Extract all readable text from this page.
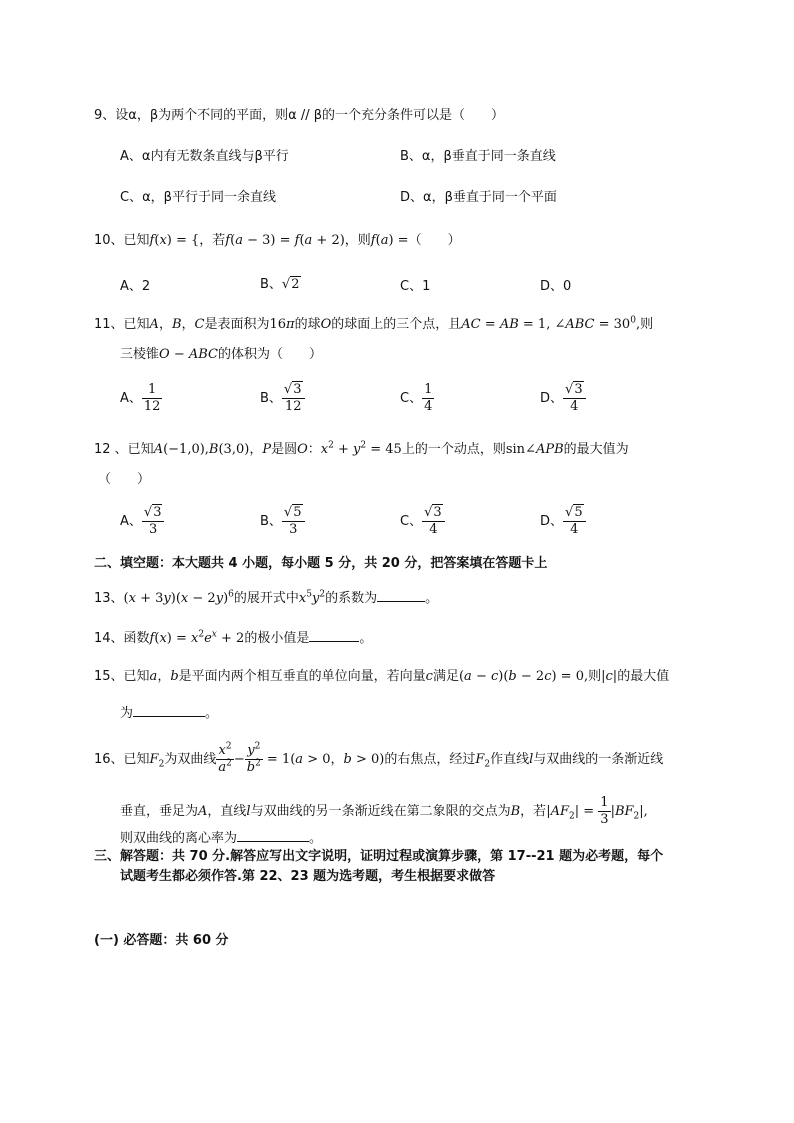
9、设α，β为两个不同的平面，则α // β的一个充分条件可以是（　　）
A、α内有无数条直线与β平行	B、α，β垂直于同一条直线
C、α，β平行于同一余直线	D、α，β垂直于同一个平面
10、已知f(x) = {，若f(a − 3) = f(a + 2)，则f(a) =（　　）
A、2	B、√2	C、1	D、0
11、已知A，B，C是表面积为16π的球O的球面上的三个点，且AC = AB = 1, ∠ABC = $30^0$,则
三棱锥O − ABC的体积为（　　）
A、 $\frac{1}{12}$	B、 $\frac{√3}{12}$	C、 $\frac{1}{4}$	D、 $\frac{√3}{4}$
12 、已知A(−1,0),B(3,0)，P是圆O：$x^2 + y^2 = 45$上的一个动点，则sin∠APB的最大值为
（　　）
A、 $\frac{√3}{3}$	B、 $\frac{√5}{3}$	C、 $\frac{√3}{4}$	D、 $\frac{√5}{4}$
二、填空题：本大题共 4 小题，每小题 5 分，共 20 分，把答案填在答题卡上
13、$(x + 3y)(x - 2y)^6$的展开式中$x^5y^2$的系数为	。
14、函数$f(x) = x^2e^x + 2$的极小值是	。
15、已知a，b是平面内两个相互垂直的单位向量，若向量c满足(a − c)(b − 2c) = 0,则|c|的最大值
为	。
16、已知$F_2$为双曲线 $\frac{x^2}{a^2} - \frac{y^2}{b^2} = 1(a > 0$，b > 0)的右焦点，经过$F_2$作直线l与双曲线的一条渐近线
垂直，垂足为A，直线l与双曲线的另一条渐近线在第二象限的交点为B，若$|AF_2| = \frac{1}{3} |BF_2|$,
则双曲线的离心率为	。
三、解答题：共 70 分.解答应写出文字说明，证明过程或演算步骤，第 17--21 题为必考题，每个
试题考生都必须作答.第 22、23 题为选考题，考生根据要求做答
(一) 必答题：共 60 分
